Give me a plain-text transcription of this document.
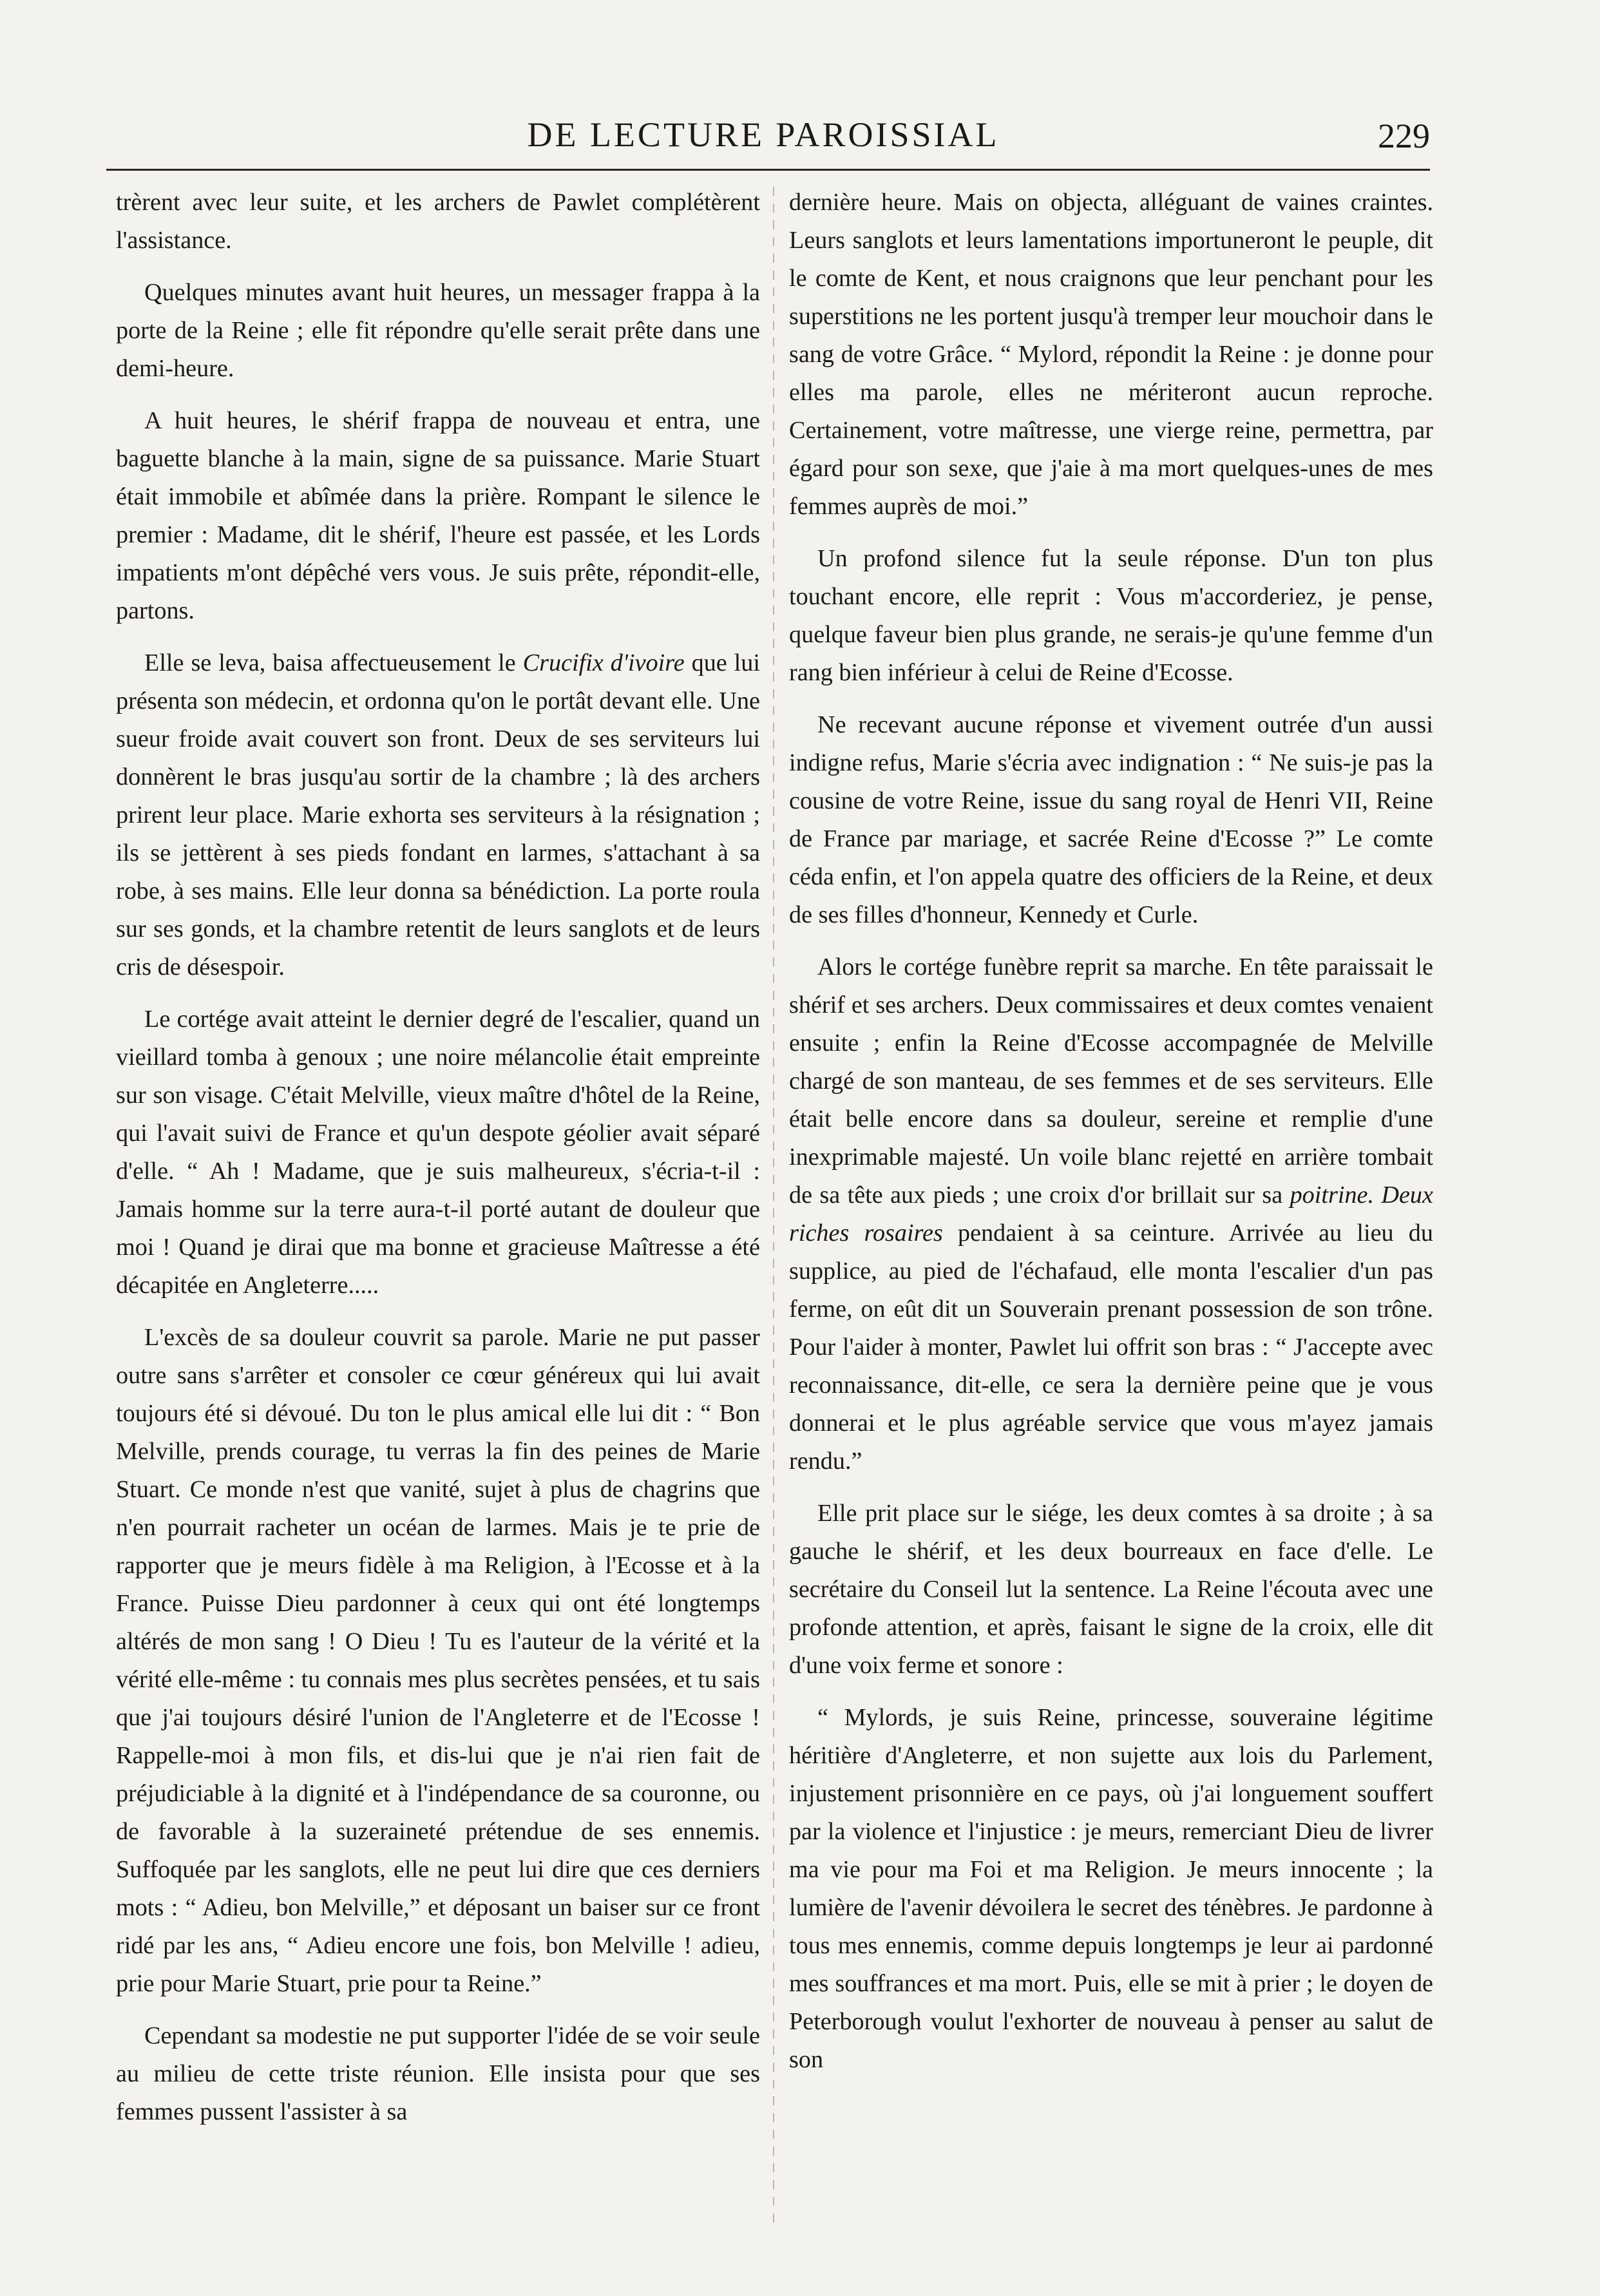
DE LECTURE PAROISSIAL	229

trèrent avec leur suite, et les archers de Pawlet complétèrent l'assistance.

Quelques minutes avant huit heures, un messager frappa à la porte de la Reine ; elle fit répondre qu'elle serait prête dans une demi-heure.

A huit heures, le shérif frappa de nouveau et entra, une baguette blanche à la main, signe de sa puissance. Marie Stuart était immobile et abîmée dans la prière. Rompant le silence le premier : Madame, dit le shérif, l'heure est passée, et les Lords impatients m'ont dépêché vers vous. Je suis prête, répondit-elle, partons.

Elle se leva, baisa affectueusement le Crucifix d'ivoire que lui présenta son médecin, et ordonna qu'on le portât devant elle. Une sueur froide avait couvert son front. Deux de ses serviteurs lui donnèrent le bras jusqu'au sortir de la chambre ; là des archers prirent leur place. Marie exhorta ses serviteurs à la résignation ; ils se jettèrent à ses pieds fondant en larmes, s'attachant à sa robe, à ses mains. Elle leur donna sa bénédiction. La porte roula sur ses gonds, et la chambre retentit de leurs sanglots et de leurs cris de désespoir.

Le cortége avait atteint le dernier degré de l'escalier, quand un vieillard tomba à genoux ; une noire mélancolie était empreinte sur son visage. C'était Melville, vieux maître d'hôtel de la Reine, qui l'avait suivi de France et qu'un despote géolier avait séparé d'elle. “ Ah ! Madame, que je suis malheureux, s'écria-t-il : Jamais homme sur la terre aura-t-il porté autant de douleur que moi ! Quand je dirai que ma bonne et gracieuse Maîtresse a été décapitée en Angleterre.....

L'excès de sa douleur couvrit sa parole. Marie ne put passer outre sans s'arrêter et consoler ce cœur généreux qui lui avait toujours été si dévoué. Du ton le plus amical elle lui dit : “ Bon Melville, prends courage, tu verras la fin des peines de Marie Stuart. Ce monde n'est que vanité, sujet à plus de chagrins que n'en pourrait racheter un océan de larmes. Mais je te prie de rapporter que je meurs fidèle à ma Religion, à l'Ecosse et à la France. Puisse Dieu pardonner à ceux qui ont été longtemps altérés de mon sang ! O Dieu ! Tu es l'auteur de la vérité et la vérité elle-même : tu connais mes plus secrètes pensées, et tu sais que j'ai toujours désiré l'union de l'Angleterre et de l'Ecosse ! Rappelle-moi à mon fils, et dis-lui que je n'ai rien fait de préjudiciable à la dignité et à l'indépendance de sa couronne, ou de favorable à la suzeraineté prétendue de ses ennemis. Suffoquée par les sanglots, elle ne peut lui dire que ces derniers mots : “ Adieu, bon Melville,” et déposant un baiser sur ce front ridé par les ans, “ Adieu encore une fois, bon Melville ! adieu, prie pour Marie Stuart, prie pour ta Reine.”

Cependant sa modestie ne put supporter l'idée de se voir seule au milieu de cette triste réunion. Elle insista pour que ses femmes pussent l'assister à sa

dernière heure. Mais on objecta, alléguant de vaines craintes. Leurs sanglots et leurs lamentations importuneront le peuple, dit le comte de Kent, et nous craignons que leur penchant pour les superstitions ne les portent jusqu'à tremper leur mouchoir dans le sang de votre Grâce. “ Mylord, répondit la Reine : je donne pour elles ma parole, elles ne mériteront aucun reproche. Certainement, votre maîtresse, une vierge reine, permettra, par égard pour son sexe, que j'aie à ma mort quelques-unes de mes femmes auprès de moi.”

Un profond silence fut la seule réponse. D'un ton plus touchant encore, elle reprit : Vous m'accorderiez, je pense, quelque faveur bien plus grande, ne serais-je qu'une femme d'un rang bien inférieur à celui de Reine d'Ecosse.

Ne recevant aucune réponse et vivement outrée d'un aussi indigne refus, Marie s'écria avec indignation : “ Ne suis-je pas la cousine de votre Reine, issue du sang royal de Henri VII, Reine de France par mariage, et sacrée Reine d'Ecosse ?” Le comte céda enfin, et l'on appela quatre des officiers de la Reine, et deux de ses filles d'honneur, Kennedy et Curle.

Alors le cortége funèbre reprit sa marche. En tête paraissait le shérif et ses archers. Deux commissaires et deux comtes venaient ensuite ; enfin la Reine d'Ecosse accompagnée de Melville chargé de son manteau, de ses femmes et de ses serviteurs. Elle était belle encore dans sa douleur, sereine et remplie d'une inexprimable majesté. Un voile blanc rejetté en arrière tombait de sa tête aux pieds ; une croix d'or brillait sur sa poitrine. Deux riches rosaires pendaient à sa ceinture. Arrivée au lieu du supplice, au pied de l'échafaud, elle monta l'escalier d'un pas ferme, on eût dit un Souverain prenant possession de son trône. Pour l'aider à monter, Pawlet lui offrit son bras : “ J'accepte avec reconnaissance, dit-elle, ce sera la dernière peine que je vous donnerai et le plus agréable service que vous m'ayez jamais rendu.”

Elle prit place sur le siége, les deux comtes à sa droite ; à sa gauche le shérif, et les deux bourreaux en face d'elle. Le secrétaire du Conseil lut la sentence. La Reine l'écouta avec une profonde attention, et après, faisant le signe de la croix, elle dit d'une voix ferme et sonore :

“ Mylords, je suis Reine, princesse, souveraine légitime héritière d'Angleterre, et non sujette aux lois du Parlement, injustement prisonnière en ce pays, où j'ai longuement souffert par la violence et l'injustice : je meurs, remerciant Dieu de livrer ma vie pour ma Foi et ma Religion. Je meurs innocente ; la lumière de l'avenir dévoilera le secret des ténèbres. Je pardonne à tous mes ennemis, comme depuis longtemps je leur ai pardonné mes souffrances et ma mort. Puis, elle se mit à prier ; le doyen de Peterborough voulut l'exhorter de nouveau à penser au salut de son
